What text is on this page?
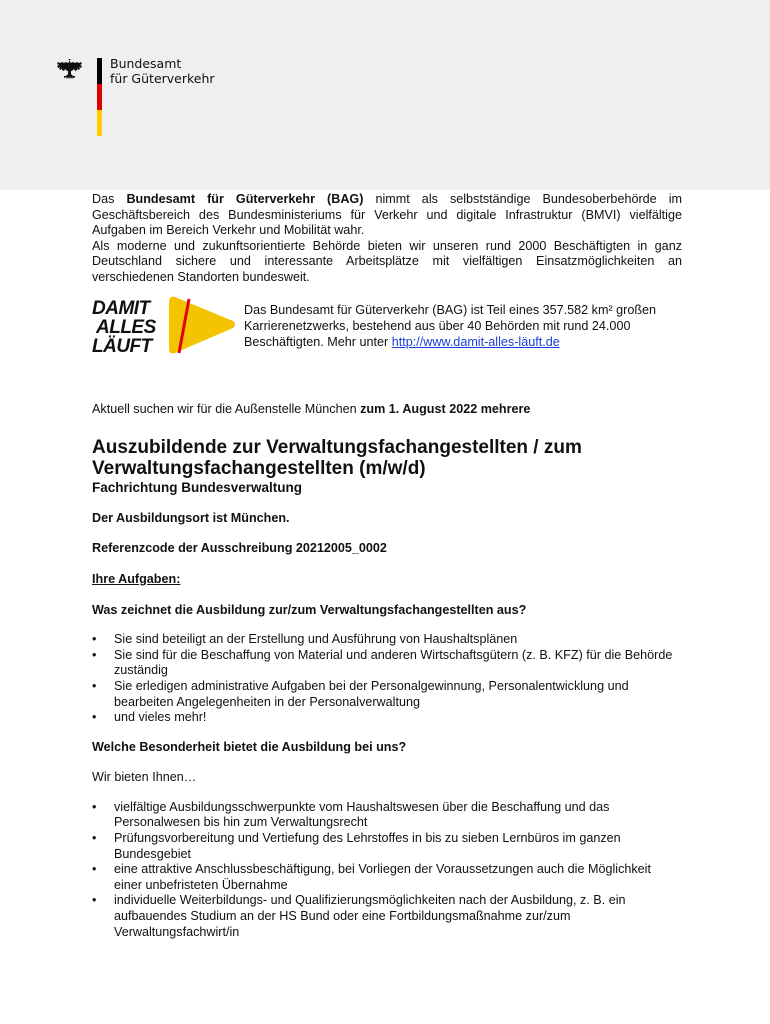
Bundesamt
für Güterverkehr

Das Bundesamt für Güterverkehr (BAG) nimmt als selbstständige Bundesoberbehörde im Geschäftsbereich des Bundesministeriums für Verkehr und digitale Infrastruktur (BMVI) vielfältige Aufgaben im Bereich Verkehr und Mobilität wahr.

Als moderne und zukunftsorientierte Behörde bieten wir unseren rund 2000 Beschäftigten in ganz Deutschland sichere und interessante Arbeitsplätze mit vielfältigen Einsatzmöglichkeiten an verschiedenen Standorten bundesweit.

DAMIT
ALLES
LÄUFT

Das Bundesamt für Güterverkehr (BAG) ist Teil eines 357.582 km² großen Karrierenetzwerks, bestehend aus über 40 Behörden mit rund 24.000 Beschäftigten. Mehr unter http://www.damit-alles-läuft.de

Aktuell suchen wir für die Außenstelle München zum 1. August 2022 mehrere

Auszubildende zur Verwaltungsfachangestellten / zum Verwaltungsfachangestellten (m/w/d)

Fachrichtung Bundesverwaltung

Der Ausbildungsort ist München.

Referenzcode der Ausschreibung 20212005_0002

Ihre Aufgaben:

Was zeichnet die Ausbildung zur/zum Verwaltungsfachangestellten aus?

• Sie sind beteiligt an der Erstellung und Ausführung von Haushaltsplänen
• Sie sind für die Beschaffung von Material und anderen Wirtschaftsgütern (z. B. KFZ) für die Behörde zuständig
• Sie erledigen administrative Aufgaben bei der Personalgewinnung, Personalentwicklung und bearbeiten Angelegenheiten in der Personalverwaltung
• und vieles mehr!

Welche Besonderheit bietet die Ausbildung bei uns?

Wir bieten Ihnen…

• vielfältige Ausbildungsschwerpunkte vom Haushaltswesen über die Beschaffung und das Personalwesen bis hin zum Verwaltungsrecht
• Prüfungsvorbereitung und Vertiefung des Lehrstoffes in bis zu sieben Lernbüros im ganzen Bundesgebiet
• eine attraktive Anschlussbeschäftigung, bei Vorliegen der Voraussetzungen auch die Möglichkeit einer unbefristeten Übernahme
• individuelle Weiterbildungs- und Qualifizierungsmöglichkeiten nach der Ausbildung, z. B. ein aufbauendes Studium an der HS Bund oder eine Fortbildungsmaßnahme zur/zum Verwaltungsfachwirt/in
